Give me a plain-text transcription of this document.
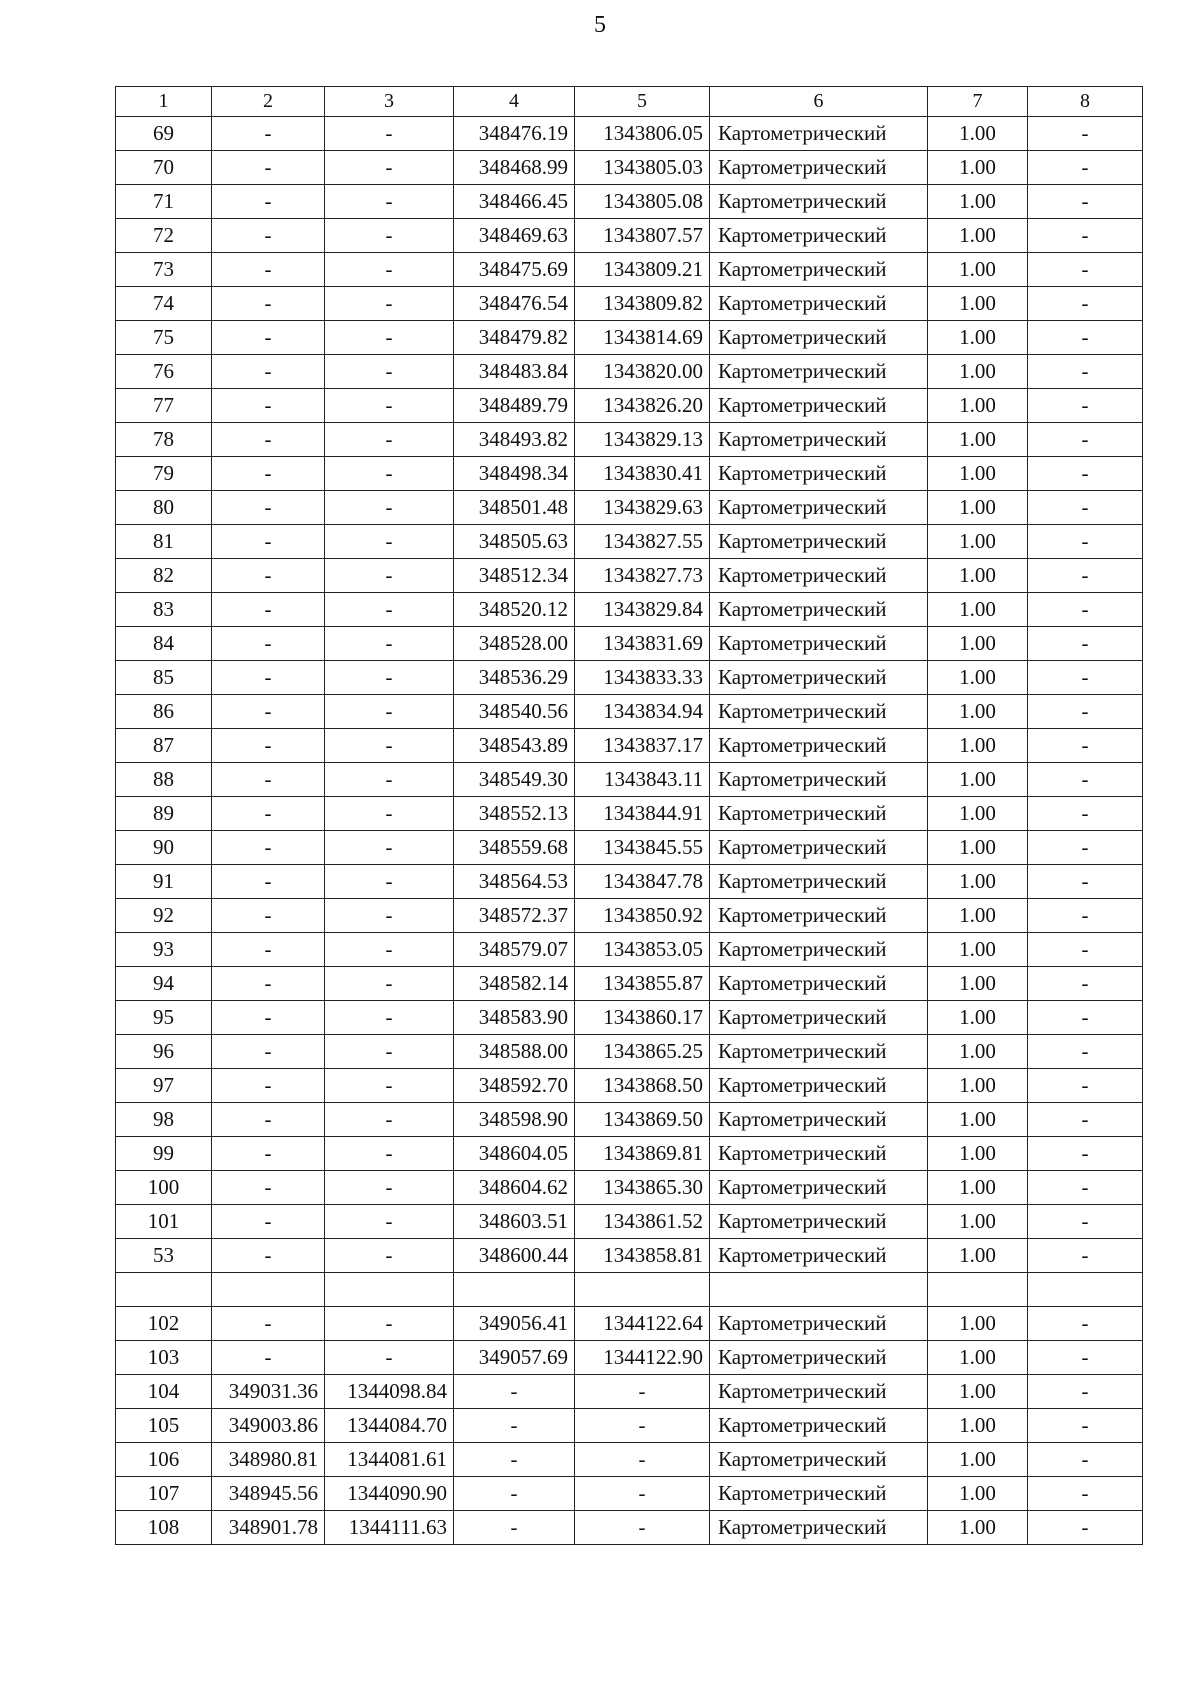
5
1	2	3	4	5	6	7	8
69	-	-	348476.19	1343806.05	Картометрический	1.00	-
70	-	-	348468.99	1343805.03	Картометрический	1.00	-
71	-	-	348466.45	1343805.08	Картометрический	1.00	-
72	-	-	348469.63	1343807.57	Картометрический	1.00	-
73	-	-	348475.69	1343809.21	Картометрический	1.00	-
74	-	-	348476.54	1343809.82	Картометрический	1.00	-
75	-	-	348479.82	1343814.69	Картометрический	1.00	-
76	-	-	348483.84	1343820.00	Картометрический	1.00	-
77	-	-	348489.79	1343826.20	Картометрический	1.00	-
78	-	-	348493.82	1343829.13	Картометрический	1.00	-
79	-	-	348498.34	1343830.41	Картометрический	1.00	-
80	-	-	348501.48	1343829.63	Картометрический	1.00	-
81	-	-	348505.63	1343827.55	Картометрический	1.00	-
82	-	-	348512.34	1343827.73	Картометрический	1.00	-
83	-	-	348520.12	1343829.84	Картометрический	1.00	-
84	-	-	348528.00	1343831.69	Картометрический	1.00	-
85	-	-	348536.29	1343833.33	Картометрический	1.00	-
86	-	-	348540.56	1343834.94	Картометрический	1.00	-
87	-	-	348543.89	1343837.17	Картометрический	1.00	-
88	-	-	348549.30	1343843.11	Картометрический	1.00	-
89	-	-	348552.13	1343844.91	Картометрический	1.00	-
90	-	-	348559.68	1343845.55	Картометрический	1.00	-
91	-	-	348564.53	1343847.78	Картометрический	1.00	-
92	-	-	348572.37	1343850.92	Картометрический	1.00	-
93	-	-	348579.07	1343853.05	Картометрический	1.00	-
94	-	-	348582.14	1343855.87	Картометрический	1.00	-
95	-	-	348583.90	1343860.17	Картометрический	1.00	-
96	-	-	348588.00	1343865.25	Картометрический	1.00	-
97	-	-	348592.70	1343868.50	Картометрический	1.00	-
98	-	-	348598.90	1343869.50	Картометрический	1.00	-
99	-	-	348604.05	1343869.81	Картометрический	1.00	-
100	-	-	348604.62	1343865.30	Картометрический	1.00	-
101	-	-	348603.51	1343861.52	Картометрический	1.00	-
53	-	-	348600.44	1343858.81	Картометрический	1.00	-

102	-	-	349056.41	1344122.64	Картометрический	1.00	-
103	-	-	349057.69	1344122.90	Картометрический	1.00	-
104	349031.36	1344098.84	-	-	Картометрический	1.00	-
105	349003.86	1344084.70	-	-	Картометрический	1.00	-
106	348980.81	1344081.61	-	-	Картометрический	1.00	-
107	348945.56	1344090.90	-	-	Картометрический	1.00	-
108	348901.78	1344111.63	-	-	Картометрический	1.00	-
